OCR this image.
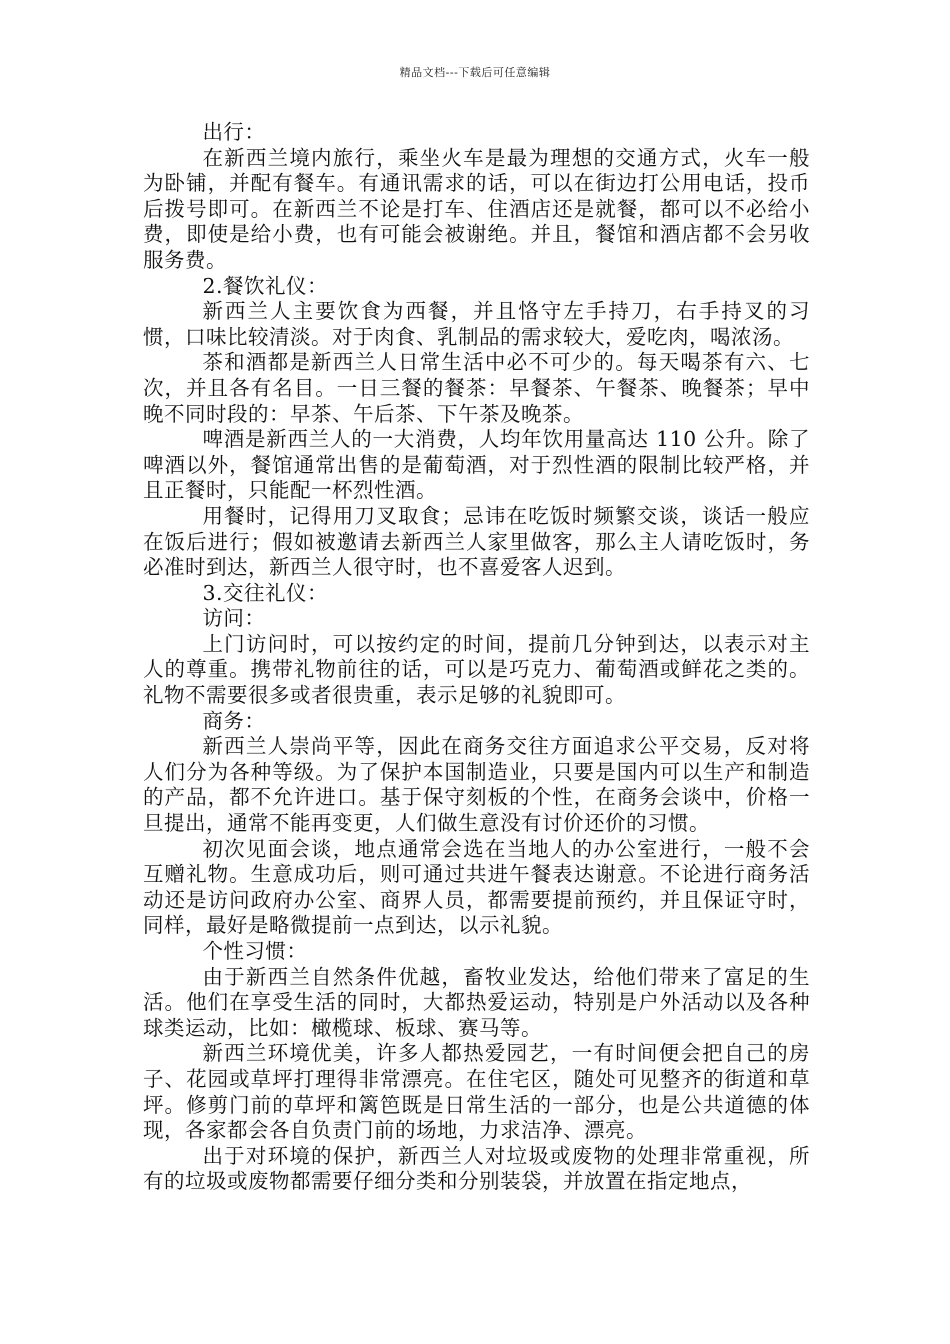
精品文档---下载后可任意编辑

出行：

在新西兰境内旅行，乘坐火车是最为理想的交通方式，火车一般为卧铺，并配有餐车。有通讯需求的话，可以在街边打公用电话，投币后拨号即可。在新西兰不论是打车、住酒店还是就餐，都可以不必给小费，即使是给小费，也有可能会被谢绝。并且，餐馆和酒店都不会另收服务费。

2.餐饮礼仪：

新西兰人主要饮食为西餐，并且恪守左手持刀，右手持叉的习惯，口味比较清淡。对于肉食、乳制品的需求较大，爱吃肉，喝浓汤。

茶和酒都是新西兰人日常生活中必不可少的。每天喝茶有六、七次，并且各有名目。一日三餐的餐茶：早餐茶、午餐茶、晚餐茶；早中晚不同时段的：早茶、午后茶、下午茶及晚茶。

啤酒是新西兰人的一大消费，人均年饮用量高达 110 公升。除了啤酒以外，餐馆通常出售的是葡萄酒，对于烈性酒的限制比较严格，并且正餐时，只能配一杯烈性酒。

用餐时，记得用刀叉取食；忌讳在吃饭时频繁交谈，谈话一般应在饭后进行；假如被邀请去新西兰人家里做客，那么主人请吃饭时，务必准时到达，新西兰人很守时，也不喜爱客人迟到。

3.交往礼仪：

访问：

上门访问时，可以按约定的时间，提前几分钟到达，以表示对主人的尊重。携带礼物前往的话，可以是巧克力、葡萄酒或鲜花之类的。礼物不需要很多或者很贵重，表示足够的礼貌即可。

商务：

新西兰人崇尚平等，因此在商务交往方面追求公平交易，反对将人们分为各种等级。为了保护本国制造业，只要是国内可以生产和制造的产品，都不允许进口。基于保守刻板的个性，在商务会谈中，价格一旦提出，通常不能再变更，人们做生意没有讨价还价的习惯。

初次见面会谈，地点通常会选在当地人的办公室进行，一般不会互赠礼物。生意成功后，则可通过共进午餐表达谢意。不论进行商务活动还是访问政府办公室、商界人员，都需要提前预约，并且保证守时，同样，最好是略微提前一点到达，以示礼貌。

个性习惯：

由于新西兰自然条件优越，畜牧业发达，给他们带来了富足的生活。他们在享受生活的同时，大都热爱运动，特别是户外活动以及各种球类运动，比如：橄榄球、板球、赛马等。

新西兰环境优美，许多人都热爱园艺，一有时间便会把自己的房子、花园或草坪打理得非常漂亮。在住宅区，随处可见整齐的街道和草坪。修剪门前的草坪和篱笆既是日常生活的一部分，也是公共道德的体现，各家都会各自负责门前的场地，力求洁净、漂亮。

出于对环境的保护，新西兰人对垃圾或废物的处理非常重视，所有的垃圾或废物都需要仔细分类和分别装袋，并放置在指定地点，
